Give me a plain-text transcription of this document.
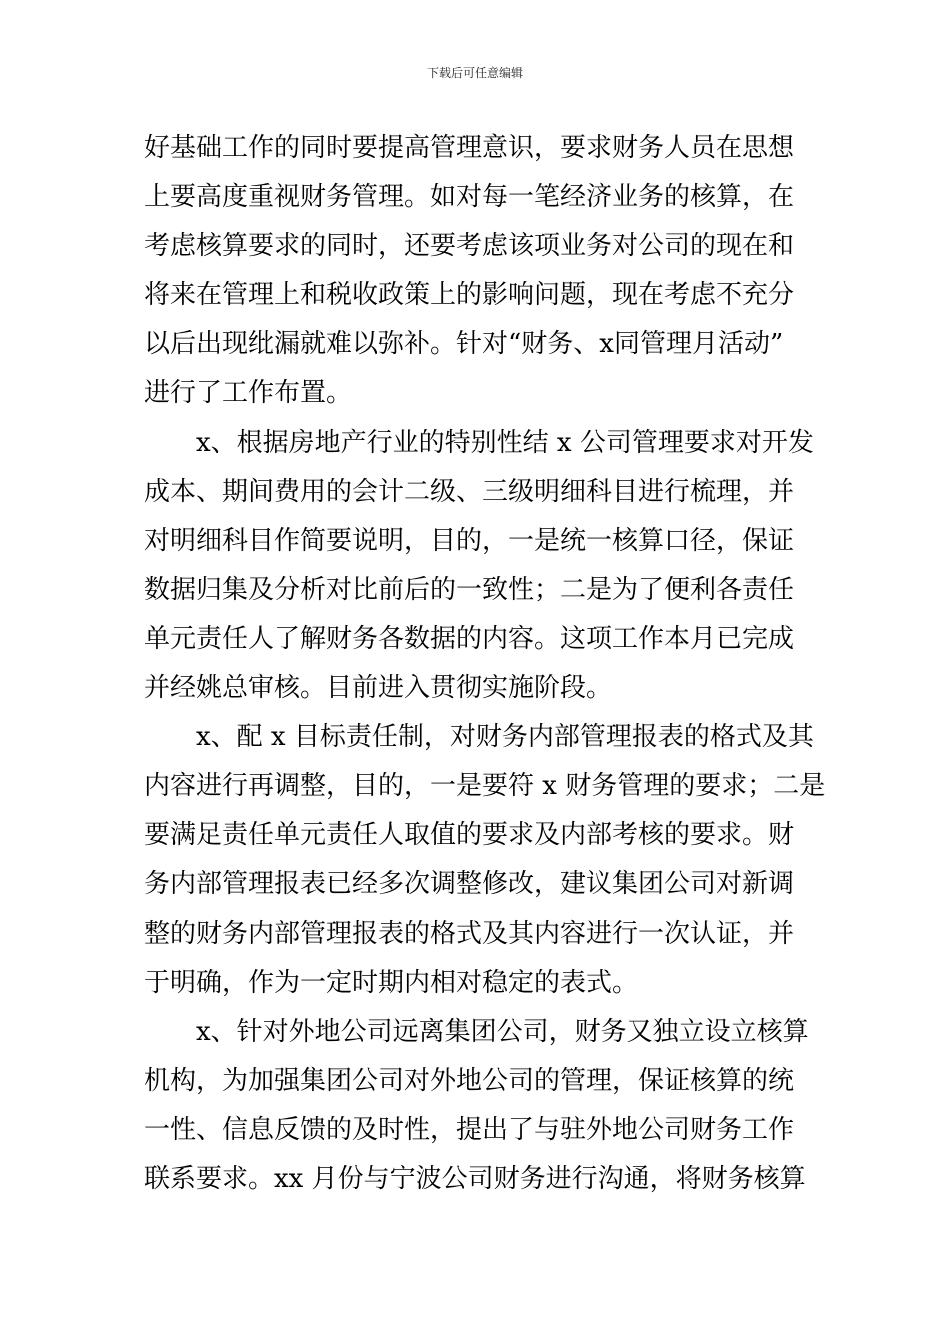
下载后可任意编辑
好基础工作的同时要提高管理意识，要求财务人员在思想
上要高度重视财务管理。如对每一笔经济业务的核算，在
考虑核算要求的同时，还要考虑该项业务对公司的现在和
将来在管理上和税收政策上的影响问题，现在考虑不充分
以后出现纰漏就难以弥补。针对“财务、x同管理月活动”
进行了工作布置。
x、根据房地产行业的特别性结 x 公司管理要求对开发
成本、期间费用的会计二级、三级明细科目进行梳理，并
对明细科目作简要说明，目的，一是统一核算口径，保证
数据归集及分析对比前后的一致性；二是为了便利各责任
单元责任人了解财务各数据的内容。这项工作本月已完成
并经姚总审核。目前进入贯彻实施阶段。
x、配 x 目标责任制，对财务内部管理报表的格式及其
内容进行再调整，目的，一是要符 x 财务管理的要求；二是
要满足责任单元责任人取值的要求及内部考核的要求。财
务内部管理报表已经多次调整修改，建议集团公司对新调
整的财务内部管理报表的格式及其内容进行一次认证，并
于明确，作为一定时期内相对稳定的表式。
x、针对外地公司远离集团公司，财务又独立设立核算
机构，为加强集团公司对外地公司的管理，保证核算的统
一性、信息反馈的及时性，提出了与驻外地公司财务工作
联系要求。xx 月份与宁波公司财务进行沟通，将财务核算
